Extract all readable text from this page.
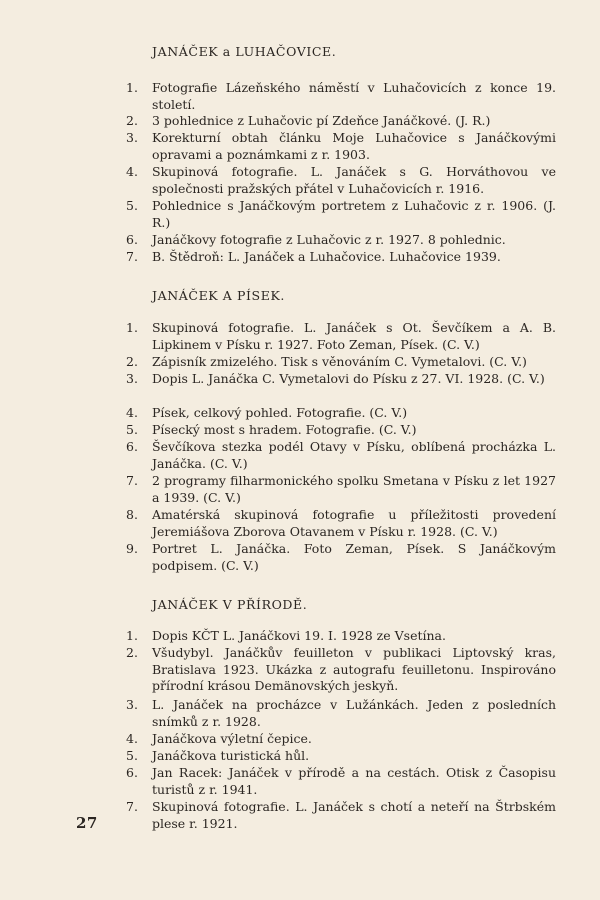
JANÁČEK a LUHAČOVICE.
1.	Fotografie Lázeňského náměstí v Luhačovicích z konce 19. století.
2.	3 pohlednice z Luhačovic pí Zdeňce Janáčkové. (J. R.)
3.	Korekturní obtah článku Moje Luhačovice s Janáčkovými opravami a poznámkami z r. 1903.
4.	Skupinová fotografie. L. Janáček s G. Horváthovou ve společnosti pražských přátel v Luhačovicích r. 1916.
5.	Pohlednice s Janáčkovým portretem z Luhačovic z r. 1906. (J. R.)
6.	Janáčkovy fotografie z Luhačovic z r. 1927. 8 pohlednic.
7.	B. Štědroň: L. Janáček a Luhačovice. Luhačovice 1939.
JANÁČEK A PÍSEK.
1.	Skupinová fotografie. L. Janáček s Ot. Ševčíkem a A. B. Lipkinem v Písku r. 1927. Foto Zeman, Písek. (C. V.)
2.	Zápisník zmizelého. Tisk s věnováním C. Vymetalovi. (C. V.)
3.	Dopis L. Janáčka C. Vymetalovi do Písku z 27. VI. 1928. (C. V.)
4.	Písek, celkový pohled. Fotografie. (C. V.)
5.	Písecký most s hradem. Fotografie. (C. V.)
6.	Ševčíkova stezka podél Otavy v Písku, oblíbená procházka L. Janáčka. (C. V.)
7.	2 programy filharmonického spolku Smetana v Písku z let 1927 a 1939. (C. V.)
8.	Amatérská skupinová fotografie u příležitosti provedení Jeremiášova Zborova Otavanem v Písku r. 1928. (C. V.)
9.	Portret L. Janáčka. Foto Zeman, Písek. S Janáčkovým podpisem. (C. V.)
JANÁČEK V PŘÍRODĚ.
1.	Dopis KČT L. Janáčkovi 19. I. 1928 ze Vsetína.
2.	Všudybyl. Janáčkův feuilleton v publikaci Liptovský kras, Bratislava 1923. Ukázka z autografu feuilletonu. Inspirováno přírodní krásou Demänovských jeskyň.
3.	L. Janáček na procházce v Lužánkách. Jeden z posledních snímků z r. 1928.
4.	Janáčkova výletní čepice.
5.	Janáčkova turistická hůl.
6.	Jan Racek: Janáček v přírodě a na cestách. Otisk z Časopisu turistů z r. 1941.
7.	Skupinová fotografie. L. Janáček s chotí a neteří na Štrbském plese r. 1921.
27
